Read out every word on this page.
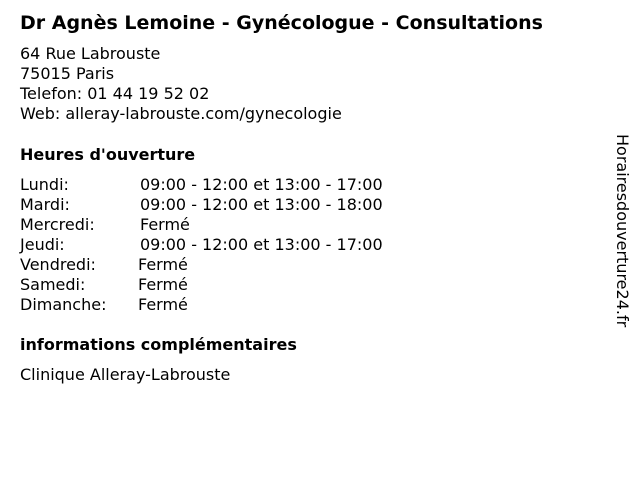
Dr Agnès Lemoine - Gynécologue - Consultations
64 Rue Labrouste
75015 Paris
Telefon: 01 44 19 52 02
Web: alleray-labrouste.com/gynecologie
Heures d'ouverture
Lundi:	09:00 - 12:00 et 13:00 - 17:00
Mardi:	09:00 - 12:00 et 13:00 - 18:00
Mercredi:	Fermé
Jeudi:	09:00 - 12:00 et 13:00 - 17:00
Vendredi:	Fermé
Samedi:	Fermé
Dimanche: Fermé
informations complémentaires
Clinique Alleray-Labrouste
Horairesdouverture24.fr
